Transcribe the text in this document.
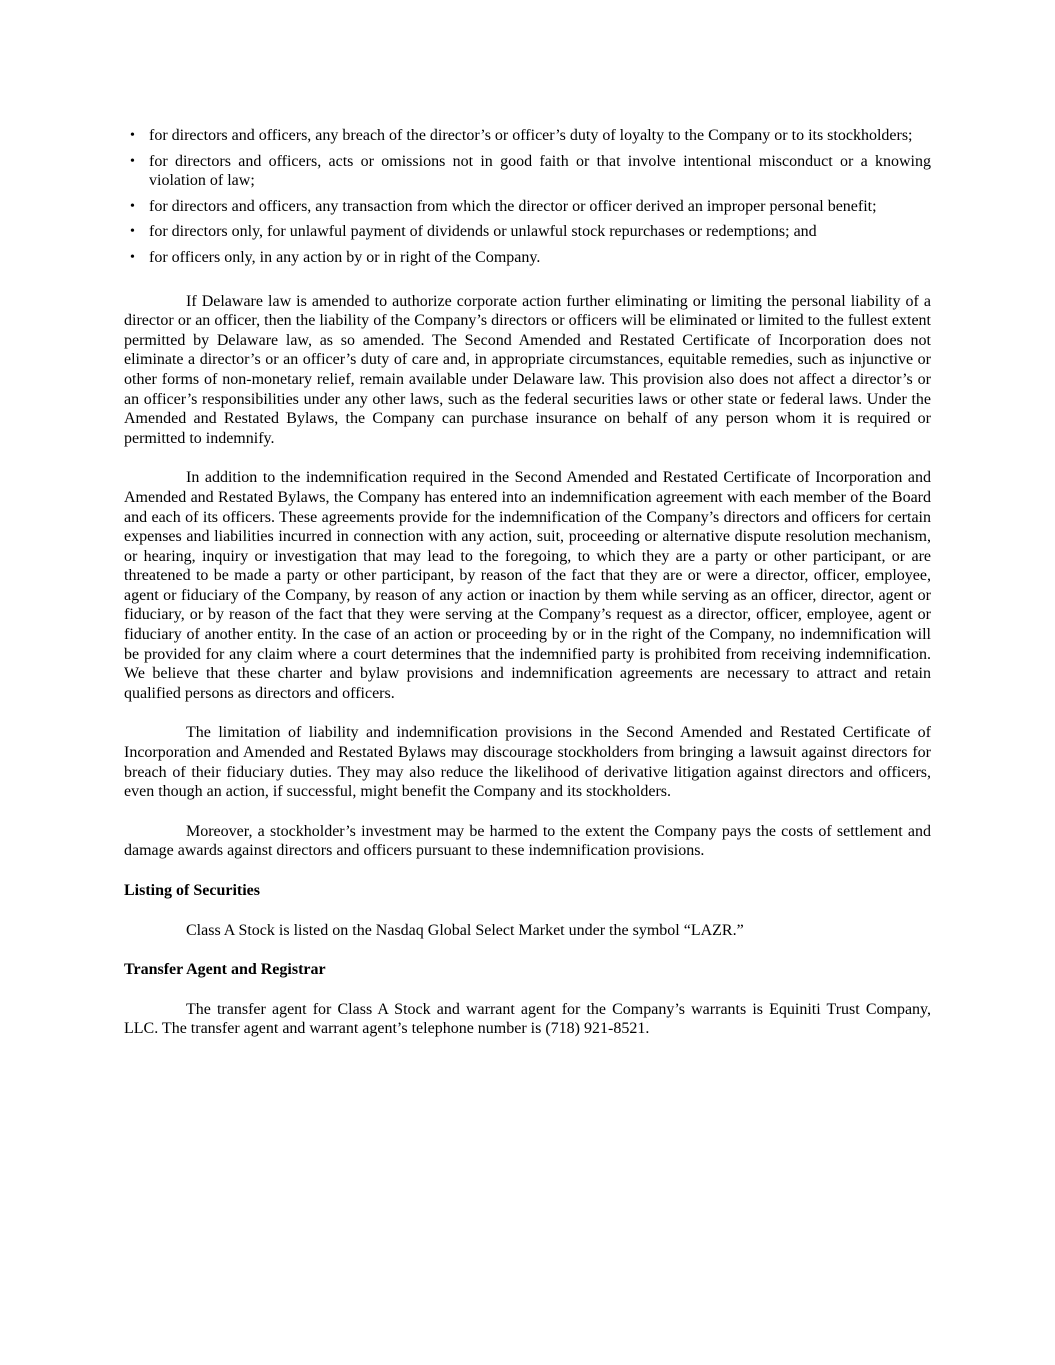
• for directors and officers, any breach of the director’s or officer’s duty of loyalty to the Company or to its stockholders;
• for directors and officers, acts or omissions not in good faith or that involve intentional misconduct or a knowing violation of law;
• for directors and officers, any transaction from which the director or officer derived an improper personal benefit;
• for directors only, for unlawful payment of dividends or unlawful stock repurchases or redemptions; and
• for officers only, in any action by or in right of the Company.

If Delaware law is amended to authorize corporate action further eliminating or limiting the personal liability of a director or an officer, then the liability of the Company’s directors or officers will be eliminated or limited to the fullest extent permitted by Delaware law, as so amended. The Second Amended and Restated Certificate of Incorporation does not eliminate a director’s or an officer’s duty of care and, in appropriate circumstances, equitable remedies, such as injunctive or other forms of non-monetary relief, remain available under Delaware law. This provision also does not affect a director’s or an officer’s responsibilities under any other laws, such as the federal securities laws or other state or federal laws. Under the Amended and Restated Bylaws, the Company can purchase insurance on behalf of any person whom it is required or permitted to indemnify.

In addition to the indemnification required in the Second Amended and Restated Certificate of Incorporation and Amended and Restated Bylaws, the Company has entered into an indemnification agreement with each member of the Board and each of its officers. These agreements provide for the indemnification of the Company’s directors and officers for certain expenses and liabilities incurred in connection with any action, suit, proceeding or alternative dispute resolution mechanism, or hearing, inquiry or investigation that may lead to the foregoing, to which they are a party or other participant, or are threatened to be made a party or other participant, by reason of the fact that they are or were a director, officer, employee, agent or fiduciary of the Company, by reason of any action or inaction by them while serving as an officer, director, agent or fiduciary, or by reason of the fact that they were serving at the Company’s request as a director, officer, employee, agent or fiduciary of another entity. In the case of an action or proceeding by or in the right of the Company, no indemnification will be provided for any claim where a court determines that the indemnified party is prohibited from receiving indemnification. We believe that these charter and bylaw provisions and indemnification agreements are necessary to attract and retain qualified persons as directors and officers.

The limitation of liability and indemnification provisions in the Second Amended and Restated Certificate of Incorporation and Amended and Restated Bylaws may discourage stockholders from bringing a lawsuit against directors for breach of their fiduciary duties. They may also reduce the likelihood of derivative litigation against directors and officers, even though an action, if successful, might benefit the Company and its stockholders.

Moreover, a stockholder’s investment may be harmed to the extent the Company pays the costs of settlement and damage awards against directors and officers pursuant to these indemnification provisions.

Listing of Securities

Class A Stock is listed on the Nasdaq Global Select Market under the symbol “LAZR.”

Transfer Agent and Registrar

The transfer agent for Class A Stock and warrant agent for the Company’s warrants is Equiniti Trust Company, LLC. The transfer agent and warrant agent’s telephone number is (718) 921-8521.
